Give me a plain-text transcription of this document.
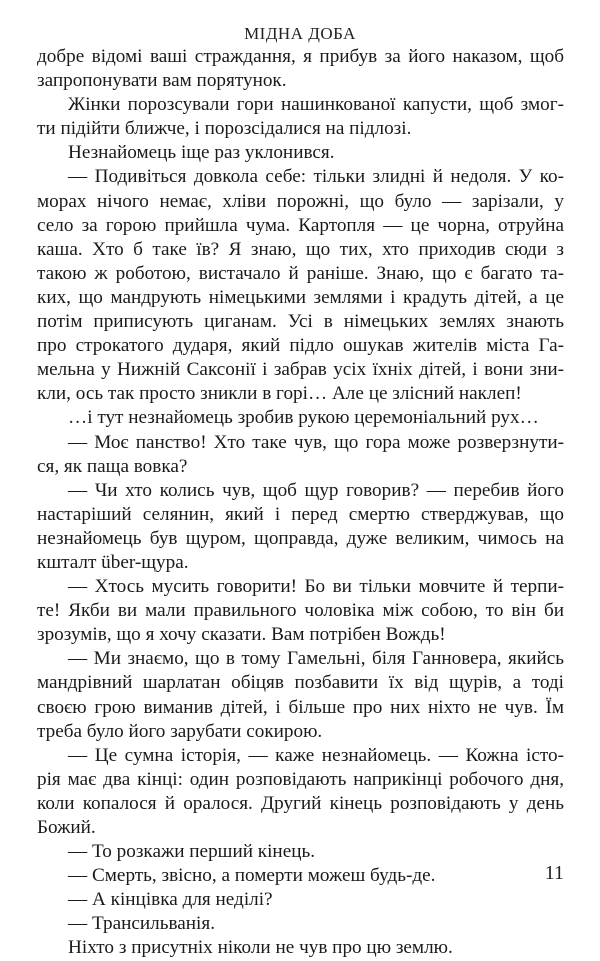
МІДНА ДОБА
добре відомі ваші страждання, я прибув за його наказом, щоб
запропонувати вам порятунок.
Жінки порозсували гори нашинкованої капусти, щоб змог-
ти підійти ближче, і порозсідалися на підлозі.
Незнайомець іще раз уклонився.
— Подивіться довкола себе: тільки злидні й недоля. У ко-
морах нічого немає, хліви порожні, що було — зарізали, у
село за горою прийшла чума. Картопля — це чорна, отруйна
каша. Хто б таке їв? Я знаю, що тих, хто приходив сюди з
такою ж роботою, вистачало й раніше. Знаю, що є багато та-
ких, що мандрують німецькими землями і крадуть дітей, а це
потім приписують циганам. Усі в німецьких землях знають
про строкатого дударя, який підло ошукав жителів міста Га-
мельна у Нижній Саксонії і забрав усіх їхніх дітей, і вони зни-
кли, ось так просто зникли в горі… Але це злісний наклеп!
…і тут незнайомець зробив рукою церемоніальний рух…
— Моє панство! Хто таке чув, що гора може розверзнути-
ся, як паща вовка?
— Чи хто колись чув, щоб щур говорив? — перебив його
настаріший селянин, який і перед смертю стверджував, що
незнайомець був щуром, щоправда, дуже великим, чимось на
кшталт über-щура.
— Хтось мусить говорити! Бо ви тільки мовчите й терпи-
те! Якби ви мали правильного чоловіка між собою, то він би
зрозумів, що я хочу сказати. Вам потрібен Вождь!
— Ми знаємо, що в тому Гамельні, біля Ганновера, якийсь
мандрівний шарлатан обіцяв позбавити їх від щурів, а тоді
своєю грою виманив дітей, і більше про них ніхто не чув. Їм
треба було його зарубати сокирою.
— Це сумна історія, — каже незнайомець. — Кожна істо-
рія має два кінці: один розповідають наприкінці робочого дня,
коли копалося й оралося. Другий кінець розповідають у день
Божий.
— То розкажи перший кінець.
— Смерть, звісно, а померти можеш будь-де.
— А кінцівка для неділі?
— Трансильванія.
Ніхто з присутніх ніколи не чув про цю землю.
11
